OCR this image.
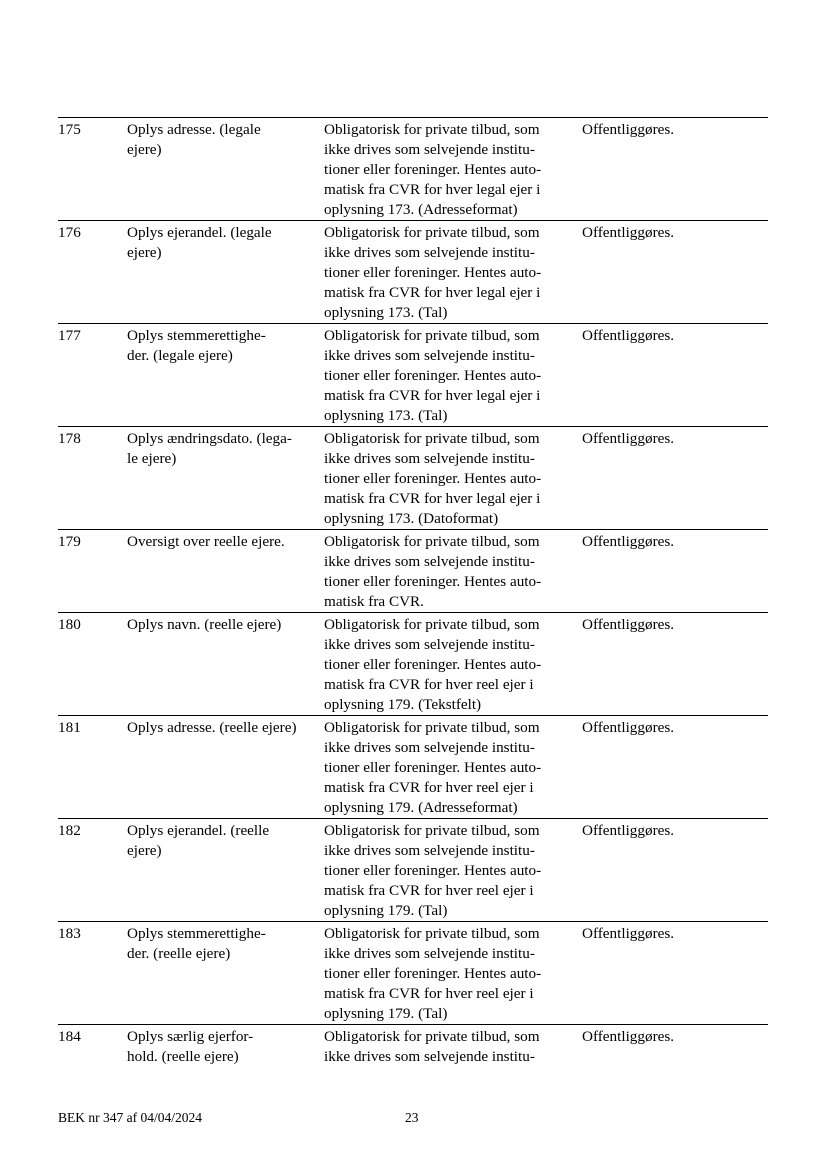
175	Oplys adresse. (legale
ejere)	Obligatorisk for private tilbud, som
ikke drives som selvejende institu-
tioner eller foreninger. Hentes auto-
matisk fra CVR for hver legal ejer i
oplysning 173. (Adresseformat)	Offentliggøres.
176	Oplys ejerandel. (legale
ejere)	Obligatorisk for private tilbud, som
ikke drives som selvejende institu-
tioner eller foreninger. Hentes auto-
matisk fra CVR for hver legal ejer i
oplysning 173. (Tal)	Offentliggøres.
177	Oplys stemmerettighe-
der. (legale ejere)	Obligatorisk for private tilbud, som
ikke drives som selvejende institu-
tioner eller foreninger. Hentes auto-
matisk fra CVR for hver legal ejer i
oplysning 173. (Tal)	Offentliggøres.
178	Oplys ændringsdato. (lega-
le ejere)	Obligatorisk for private tilbud, som
ikke drives som selvejende institu-
tioner eller foreninger. Hentes auto-
matisk fra CVR for hver legal ejer i
oplysning 173. (Datoformat)	Offentliggøres.
179	Oversigt over reelle ejere.	Obligatorisk for private tilbud, som
ikke drives som selvejende institu-
tioner eller foreninger. Hentes auto-
matisk fra CVR.	Offentliggøres.
180	Oplys navn. (reelle ejere)	Obligatorisk for private tilbud, som
ikke drives som selvejende institu-
tioner eller foreninger. Hentes auto-
matisk fra CVR for hver reel ejer i
oplysning 179. (Tekstfelt)	Offentliggøres.
181	Oplys adresse. (reelle ejere)	Obligatorisk for private tilbud, som
ikke drives som selvejende institu-
tioner eller foreninger. Hentes auto-
matisk fra CVR for hver reel ejer i
oplysning 179. (Adresseformat)	Offentliggøres.
182	Oplys ejerandel. (reelle
ejere)	Obligatorisk for private tilbud, som
ikke drives som selvejende institu-
tioner eller foreninger. Hentes auto-
matisk fra CVR for hver reel ejer i
oplysning 179. (Tal)	Offentliggøres.
183	Oplys stemmerettighe-
der. (reelle ejere)	Obligatorisk for private tilbud, som
ikke drives som selvejende institu-
tioner eller foreninger. Hentes auto-
matisk fra CVR for hver reel ejer i
oplysning 179. (Tal)	Offentliggøres.
184	Oplys særlig ejerfor-
hold. (reelle ejere)	Obligatorisk for private tilbud, som
ikke drives som selvejende institu-	Offentliggøres.
BEK nr 347 af 04/04/2024	23
